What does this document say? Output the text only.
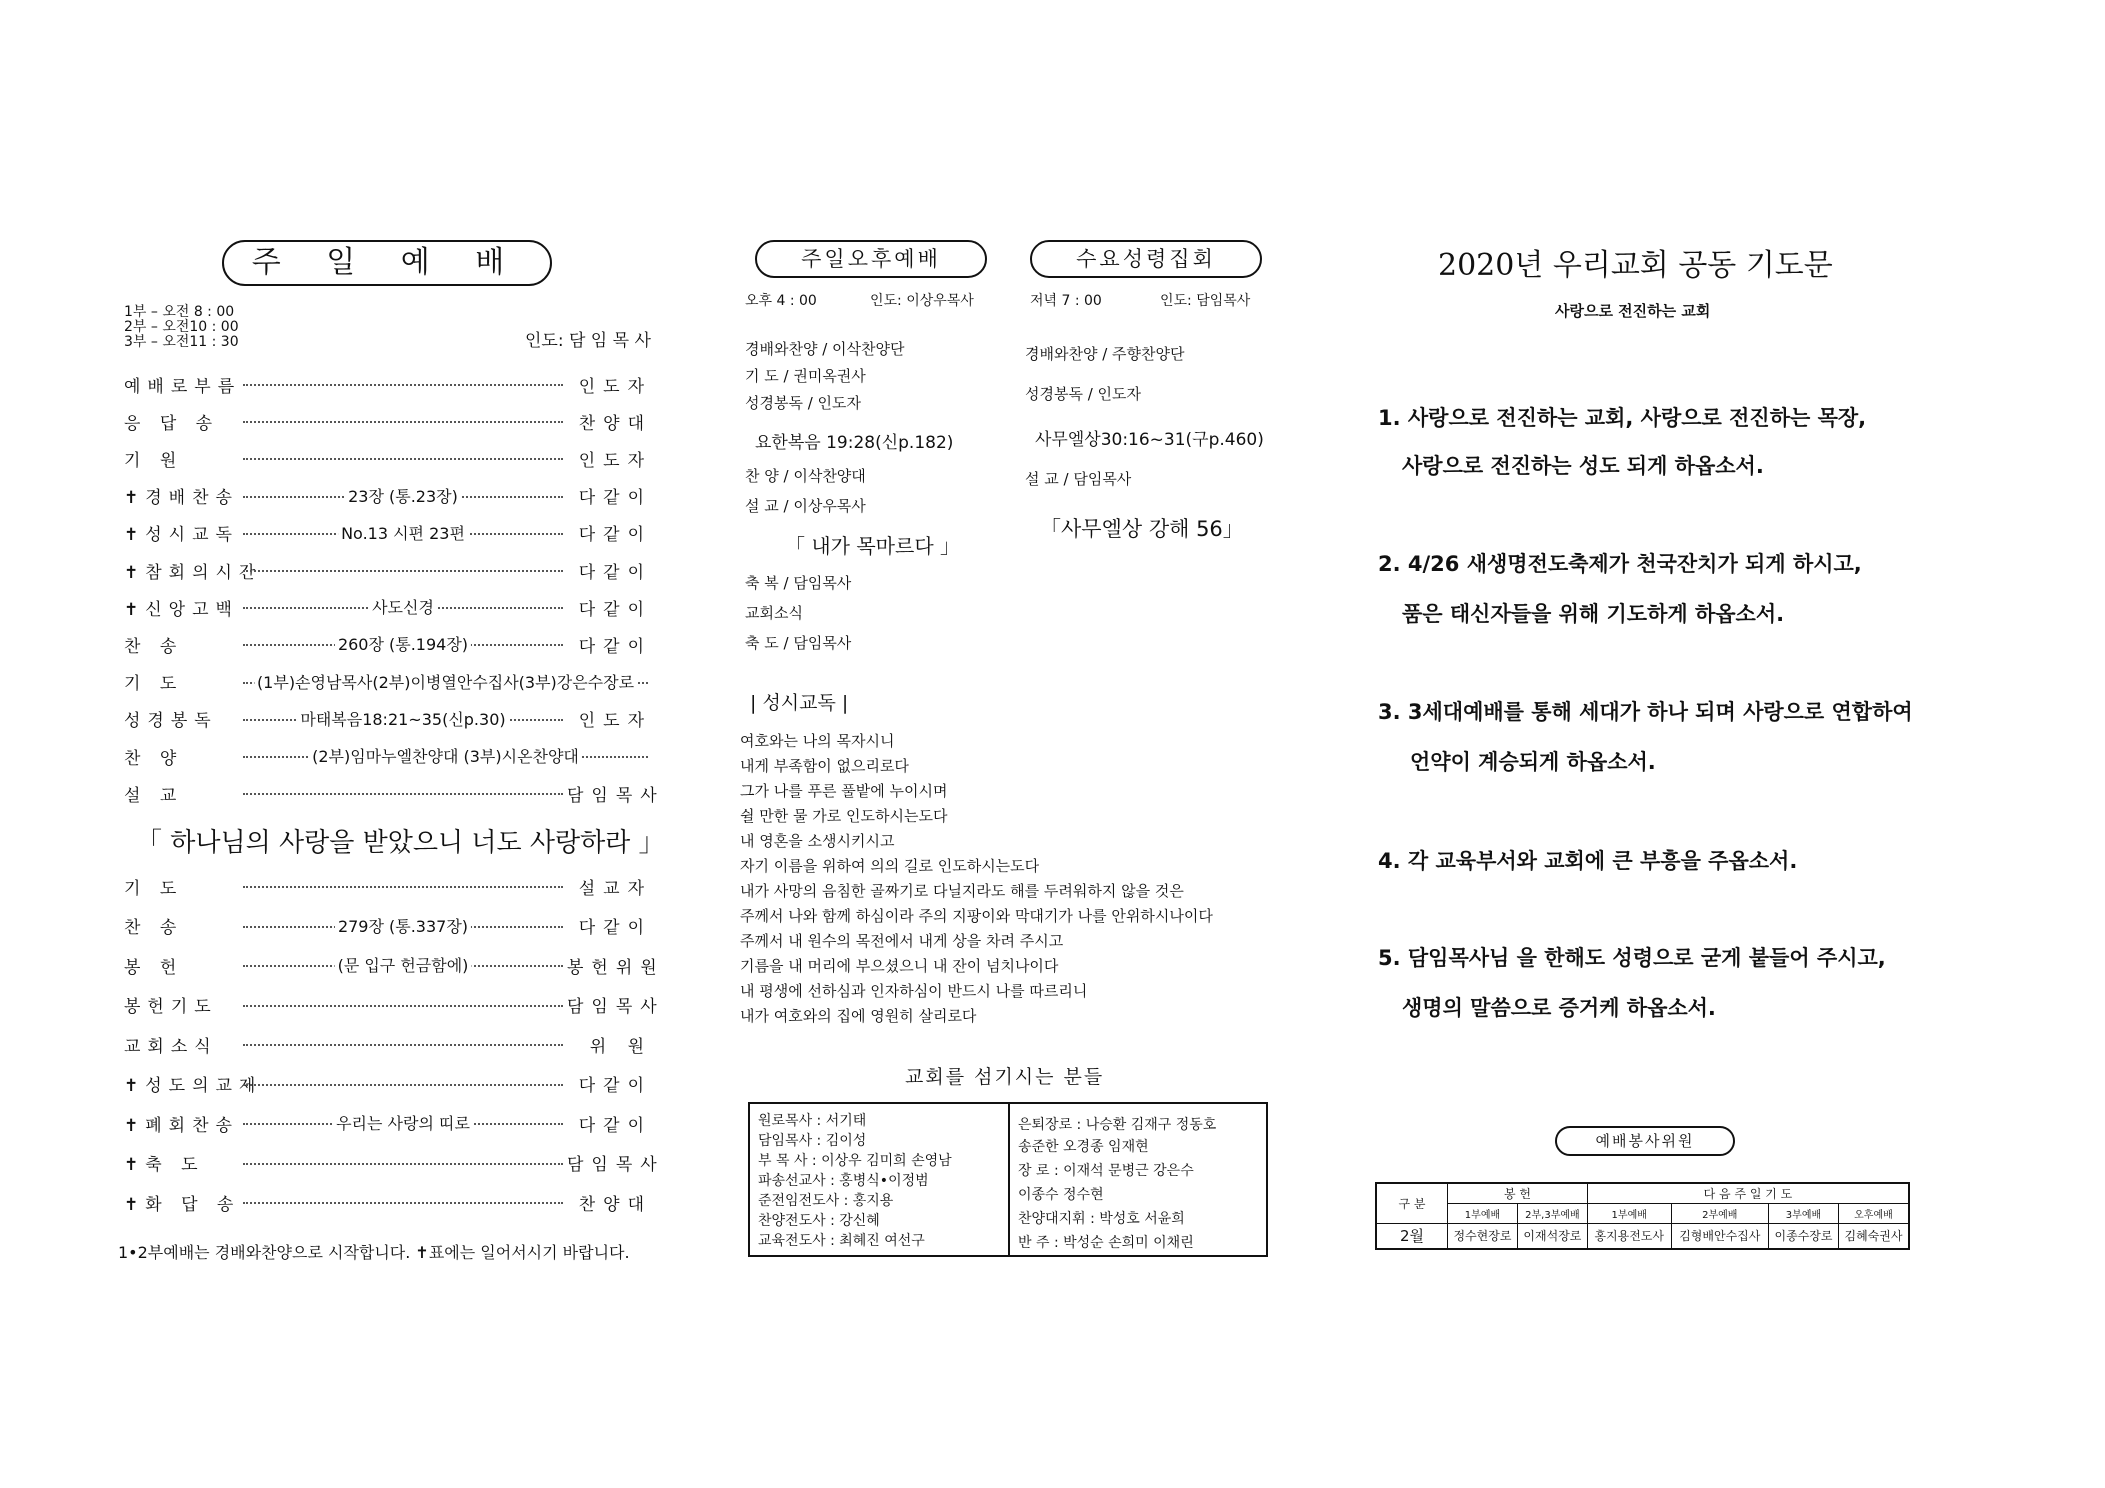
주 일 예 배
1부 – 오전 8 : 00
2부 – 오전10 : 00
3부 – 오전11 : 30	인도: 담 임 목 사
예배로부름	인도자
응 답 송	찬양대
기 원	인도자
✝경배찬송	23장 (통.23장)	다같이
✝성시교독	No.13 시편 23편	다같이
✝참회의시간	다같이
✝신앙고백	사도신경	다같이
찬 송	260장 (통.194장)	다같이
기 도	(1부)손영남목사(2부)이병열안수집사(3부)강은수장로
성경봉독	마태복음18:21~35(신p.30)	인도자
찬 양	(2부)임마누엘찬양대 (3부)시온찬양대
설 교	담임목사
「 하나님의 사랑을 받았으니 너도 사랑하라 」
기 도	설교자
찬 송	279장 (통.337장)	다같이
봉 헌	(문 입구 헌금함에)	봉헌위원
봉헌기도	담임목사
교회소식	위 원
✝성도의교제	다같이
✝폐회찬송	우리는 사랑의 띠로	다같이
✝축 도	담임목사
✝화 답 송	찬양대
1•2부예배는 경배와찬양으로 시작합니다. ✝표에는 일어서시기 바랍니다.
주일오후예배	수요성령집회
오후 4 : 00	인도: 이상우목사	저녁 7 : 00	인도: 담임목사
경배와찬양 / 이삭찬양단
기 도 / 권미옥권사
성경봉독 / 인도자
요한복음 19:28(신p.182)
찬 양 / 이삭찬양대
설 교 / 이상우목사
「 내가 목마르다 」
축 복 / 담임목사
교회소식
축 도 / 담임목사
경배와찬양 / 주향찬양단
성경봉독 / 인도자
사무엘상30:16~31(구p.460)
설 교 / 담임목사
「사무엘상 강해 56」
| 성시교독 |
여호와는 나의 목자시니
내게 부족함이 없으리로다
그가 나를 푸른 풀밭에 누이시며
쉴 만한 물 가로 인도하시는도다
내 영혼을 소생시키시고
자기 이름을 위하여 의의 길로 인도하시는도다
내가 사망의 음침한 골짜기로 다닐지라도 해를 두려워하지 않을 것은
주께서 나와 함께 하심이라 주의 지팡이와 막대기가 나를 안위하시나이다
주께서 내 원수의 목전에서 내게 상을 차려 주시고
기름을 내 머리에 부으셨으니 내 잔이 넘치나이다
내 평생에 선하심과 인자하심이 반드시 나를 따르리니
내가 여호와의 집에 영원히 살리로다
교회를 섬기시는 분들
원로목사 : 서기태
담임목사 : 김이성
부 목 사 : 이상우 김미희 손영남
파송선교사 : 홍병식•이정범
준전임전도사 : 홍지용
찬양전도사 : 강신혜
교육전도사 : 최혜진 여선구
은퇴장로 : 나승환 김재구 정동호
송준한 오경종 임재현
장 로 : 이재석 문병근 강은수
이종수 정수현
찬양대지휘 : 박성호 서윤희
반 주 : 박성순 손희미 이채린
2020년 우리교회 공동 기도문
사랑으로 전진하는 교회
1. 사랑으로 전진하는 교회, 사랑으로 전진하는 목장,
사랑으로 전진하는 성도 되게 하옵소서.
2. 4/26 새생명전도축제가 천국잔치가 되게 하시고,
품은 태신자들을 위해 기도하게 하옵소서.
3. 3세대예배를 통해 세대가 하나 되며 사랑으로 연합하여
언약이 계승되게 하옵소서.
4. 각 교육부서와 교회에 큰 부흥을 주옵소서.
5. 담임목사님 을 한해도 성령으로 굳게 붙들어 주시고,
생명의 말씀으로 증거케 하옵소서.
예배봉사위원
구 분	봉 헌		다 음 주 일 기 도			
	1부예배	2부,3부예배	1부예배	2부예배	3부예배	오후예배
2월	정수현장로	이재석장로	홍지용전도사	김형배안수집사	이종수장로	김혜숙권사
